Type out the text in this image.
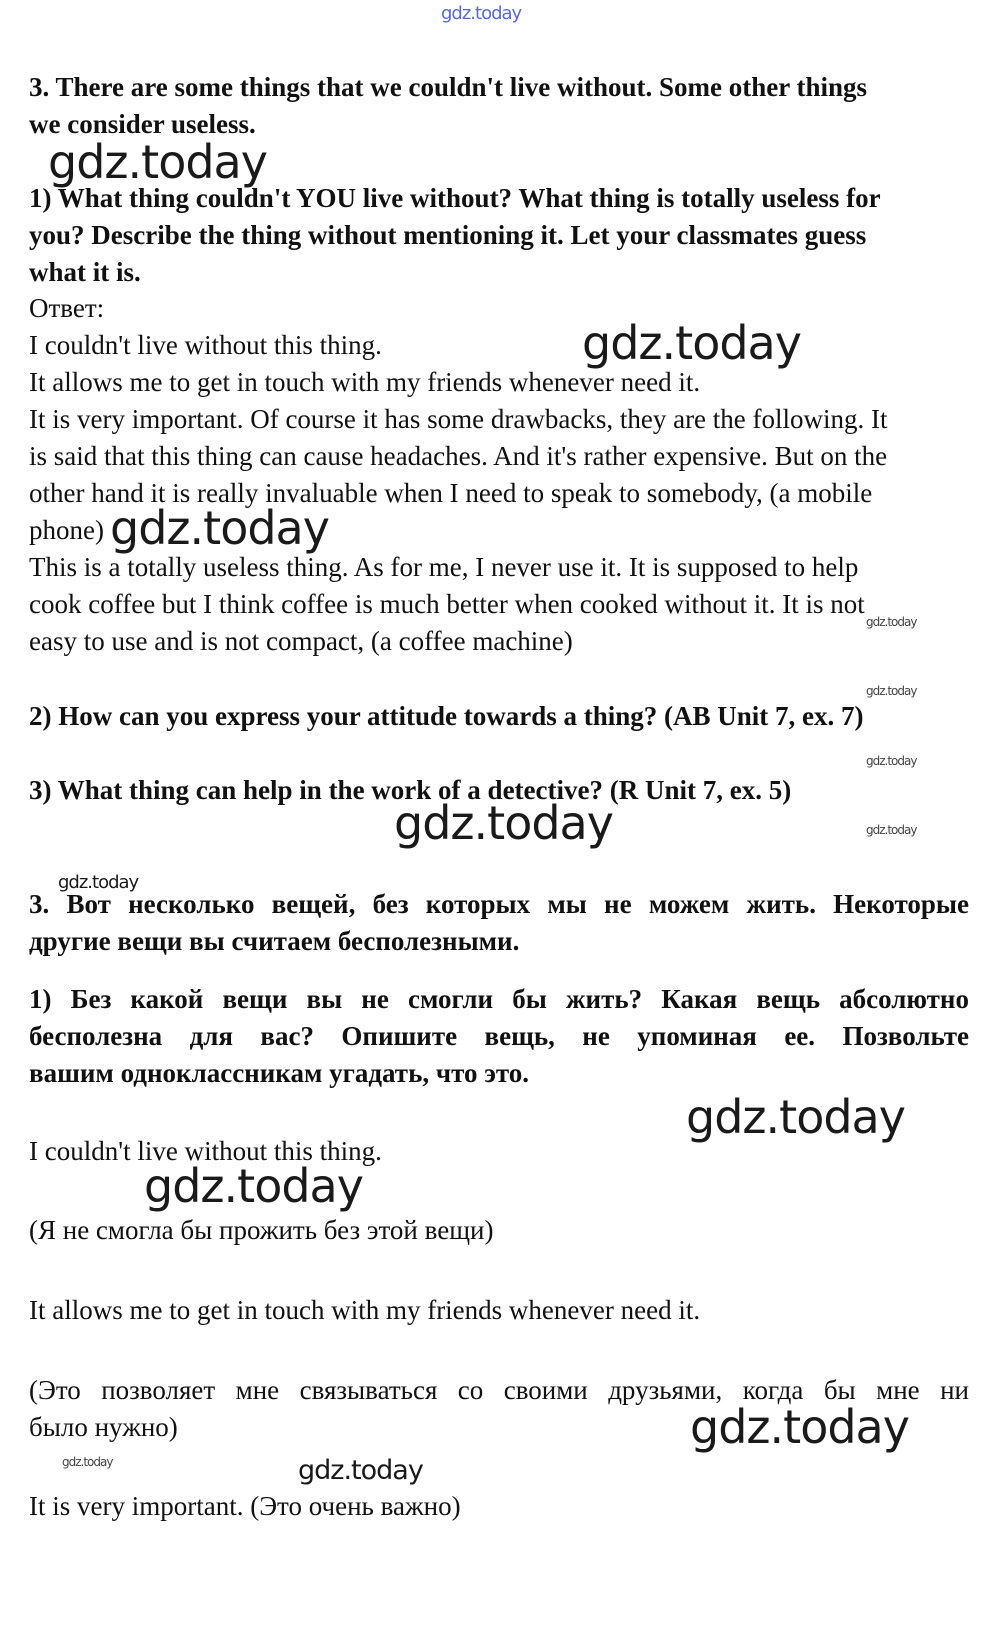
gdz.today
gdz.today
gdz.today
gdz.today
gdz.today
gdz.today
gdz.today
gdz.today	gdz.today
gdz.today
gdz.today
gdz.today
gdz.today
gdz.today	gdz.today
3. There are some things that we couldn't live without. Some other things
we consider useless.
1) What thing couldn't YOU live without? What thing is totally useless for
you? Describe the thing without mentioning it. Let your classmates guess
what it is.
Ответ:
I couldn't live without this thing.
It allows me to get in touch with my friends whenever need it.
It is very important. Of course it has some drawbacks, they are the following. It
is said that this thing can cause headaches. And it's rather expensive. But on the
other hand it is really invaluable when I need to speak to somebody, (a mobile
phone)
This is a totally useless thing. As for me, I never use it. It is supposed to help
cook coffee but I think coffee is much better when cooked without it. It is not
easy to use and is not compact, (a coffee machine)
2) How can you express your attitude towards a thing? (AB Unit 7, ex. 7)
3) What thing can help in the work of a detective? (R Unit 7, ex. 5)
3. Вот несколько вещей, без которых мы не можем жить. Некоторые
другие вещи вы считаем бесполезными.
1) Без какой вещи вы не смогли бы жить? Какая вещь абсолютно
бесполезна для вас? Опишите вещь, не упоминая ее. Позвольте
вашим одноклассникам угадать, что это.
I couldn't live without this thing.
(Я не смогла бы прожить без этой вещи)
It allows me to get in touch with my friends whenever need it.
(Это позволяет мне связываться со своими друзьями, когда бы мне ни
было нужно)
It is very important. (Это очень важно)
